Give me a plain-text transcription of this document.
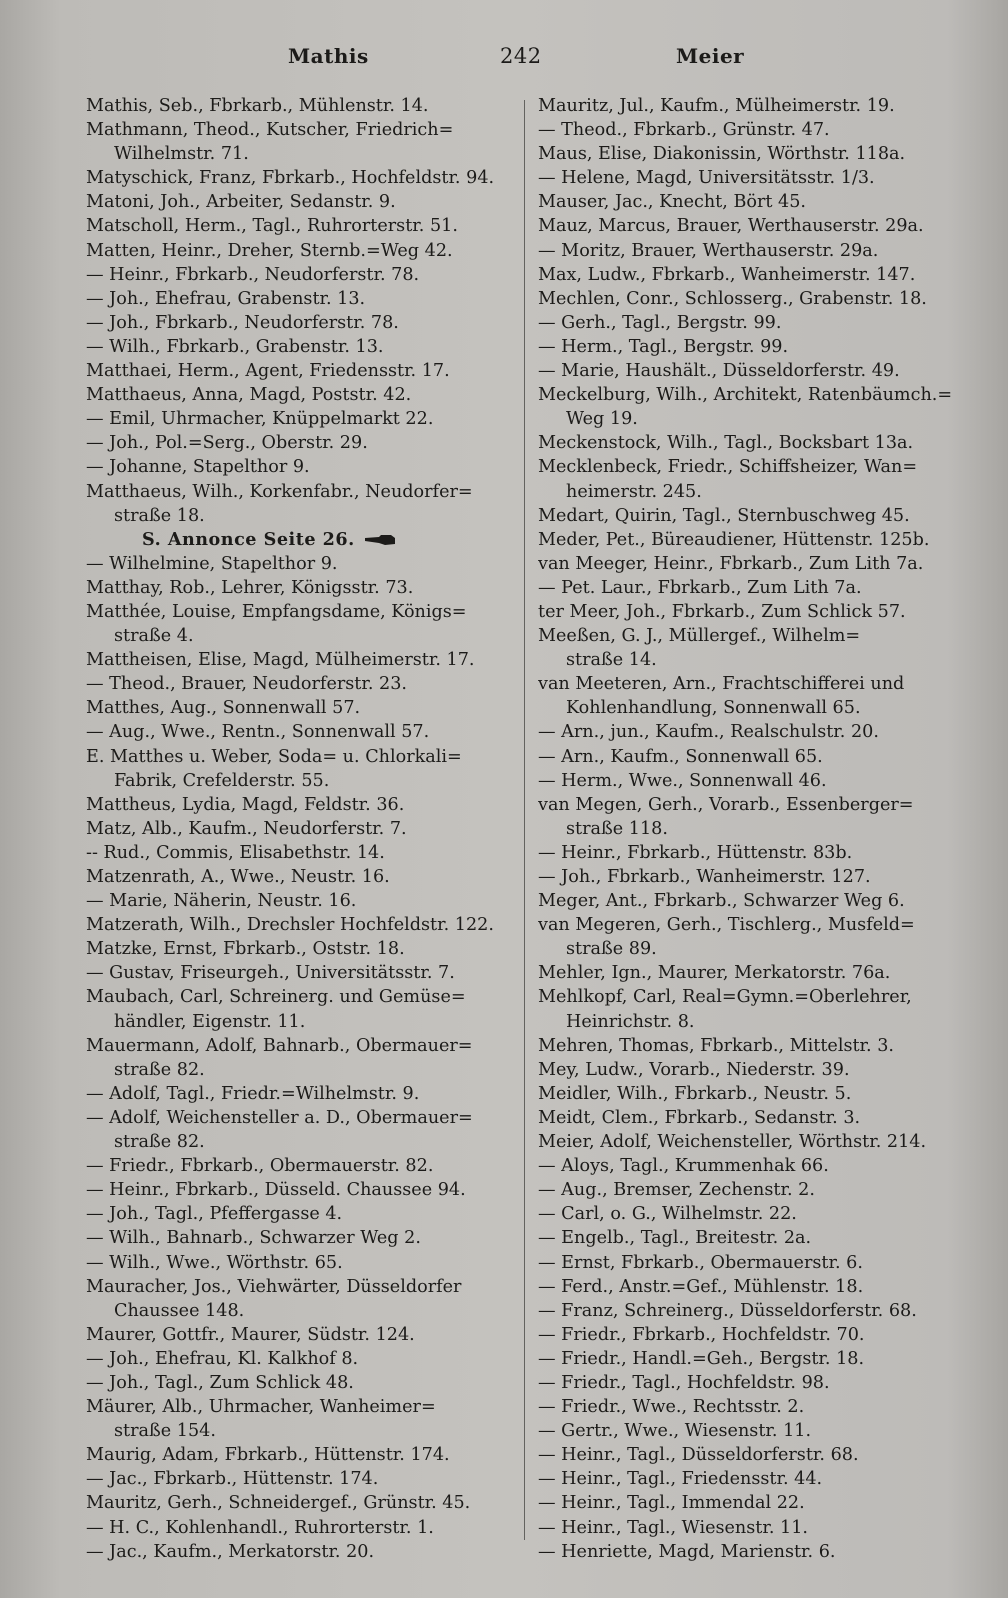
Mathis	242	Meier
Mathis, Seb., Fbrkarb., Mühlenstr. 14.
Mathmann, Theod., Kutscher, Friedrich=
Wilhelmstr. 71.
Matyschick, Franz, Fbrkarb., Hochfeldstr. 94.
Matoni, Joh., Arbeiter, Sedanstr. 9.
Matscholl, Herm., Tagl., Ruhrorterstr. 51.
Matten, Heinr., Dreher, Sternb.=Weg 42.
— Heinr., Fbrkarb., Neudorferstr. 78.
— Joh., Ehefrau, Grabenstr. 13.
— Joh., Fbrkarb., Neudorferstr. 78.
— Wilh., Fbrkarb., Grabenstr. 13.
Matthaei, Herm., Agent, Friedensstr. 17.
Matthaeus, Anna, Magd, Poststr. 42.
— Emil, Uhrmacher, Knüppelmarkt 22.
— Joh., Pol.=Serg., Oberstr. 29.
— Johanne, Stapelthor 9.
Matthaeus, Wilh., Korkenfabr., Neudorfer=
straße 18.
S. Annonce Seite 26.
— Wilhelmine, Stapelthor 9.
Matthay, Rob., Lehrer, Königsstr. 73.
Matthée, Louise, Empfangsdame, Königs=
straße 4.
Mattheisen, Elise, Magd, Mülheimerstr. 17.
— Theod., Brauer, Neudorferstr. 23.
Matthes, Aug., Sonnenwall 57.
— Aug., Wwe., Rentn., Sonnenwall 57.
E. Matthes u. Weber, Soda= u. Chlorkali=
Fabrik, Crefelderstr. 55.
Mattheus, Lydia, Magd, Feldstr. 36.
Matz, Alb., Kaufm., Neudorferstr. 7.
-- Rud., Commis, Elisabethstr. 14.
Matzenrath, A., Wwe., Neustr. 16.
— Marie, Näherin, Neustr. 16.
Matzerath, Wilh., Drechsler Hochfeldstr. 122.
Matzke, Ernst, Fbrkarb., Oststr. 18.
— Gustav, Friseurgeh., Universitätsstr. 7.
Maubach, Carl, Schreinerg. und Gemüse=
händler, Eigenstr. 11.
Mauermann, Adolf, Bahnarb., Obermauer=
straße 82.
— Adolf, Tagl., Friedr.=Wilhelmstr. 9.
— Adolf, Weichensteller a. D., Obermauer=
straße 82.
— Friedr., Fbrkarb., Obermauerstr. 82.
— Heinr., Fbrkarb., Düsseld. Chaussee 94.
— Joh., Tagl., Pfeffergasse 4.
— Wilh., Bahnarb., Schwarzer Weg 2.
— Wilh., Wwe., Wörthstr. 65.
Mauracher, Jos., Viehwärter, Düsseldorfer
Chaussee 148.
Maurer, Gottfr., Maurer, Südstr. 124.
— Joh., Ehefrau, Kl. Kalkhof 8.
— Joh., Tagl., Zum Schlick 48.
Mäurer, Alb., Uhrmacher, Wanheimer=
straße 154.
Maurig, Adam, Fbrkarb., Hüttenstr. 174.
— Jac., Fbrkarb., Hüttenstr. 174.
Mauritz, Gerh., Schneidergef., Grünstr. 45.
— H. C., Kohlenhandl., Ruhrorterstr. 1.
— Jac., Kaufm., Merkatorstr. 20.
Mauritz, Jul., Kaufm., Mülheimerstr. 19.
— Theod., Fbrkarb., Grünstr. 47.
Maus, Elise, Diakonissin, Wörthstr. 118a.
— Helene, Magd, Universitätsstr. 1/3.
Mauser, Jac., Knecht, Bört 45.
Mauz, Marcus, Brauer, Werthauserstr. 29a.
— Moritz, Brauer, Werthauserstr. 29a.
Max, Ludw., Fbrkarb., Wanheimerstr. 147.
Mechlen, Conr., Schlosserg., Grabenstr. 18.
— Gerh., Tagl., Bergstr. 99.
— Herm., Tagl., Bergstr. 99.
— Marie, Haushält., Düsseldorferstr. 49.
Meckelburg, Wilh., Architekt, Ratenbäumch.=
Weg 19.
Meckenstock, Wilh., Tagl., Bocksbart 13a.
Mecklenbeck, Friedr., Schiffsheizer, Wan=
heimerstr. 245.
Medart, Quirin, Tagl., Sternbuschweg 45.
Meder, Pet., Büreaudiener, Hüttenstr. 125b.
van Meeger, Heinr., Fbrkarb., Zum Lith 7a.
— Pet. Laur., Fbrkarb., Zum Lith 7a.
ter Meer, Joh., Fbrkarb., Zum Schlick 57.
Meeßen, G. J., Müllergef., Wilhelm=
straße 14.
van Meeteren, Arn., Frachtschifferei und
Kohlenhandlung, Sonnenwall 65.
— Arn., jun., Kaufm., Realschulstr. 20.
— Arn., Kaufm., Sonnenwall 65.
— Herm., Wwe., Sonnenwall 46.
van Megen, Gerh., Vorarb., Essenberger=
straße 118.
— Heinr., Fbrkarb., Hüttenstr. 83b.
— Joh., Fbrkarb., Wanheimerstr. 127.
Meger, Ant., Fbrkarb., Schwarzer Weg 6.
van Megeren, Gerh., Tischlerg., Musfeld=
straße 89.
Mehler, Ign., Maurer, Merkatorstr. 76a.
Mehlkopf, Carl, Real=Gymn.=Oberlehrer,
Heinrichstr. 8.
Mehren, Thomas, Fbrkarb., Mittelstr. 3.
Mey, Ludw., Vorarb., Niederstr. 39.
Meidler, Wilh., Fbrkarb., Neustr. 5.
Meidt, Clem., Fbrkarb., Sedanstr. 3.
Meier, Adolf, Weichensteller, Wörthstr. 214.
— Aloys, Tagl., Krummenhak 66.
— Aug., Bremser, Zechenstr. 2.
— Carl, o. G., Wilhelmstr. 22.
— Engelb., Tagl., Breitestr. 2a.
— Ernst, Fbrkarb., Obermauerstr. 6.
— Ferd., Anstr.=Gef., Mühlenstr. 18.
— Franz, Schreinerg., Düsseldorferstr. 68.
— Friedr., Fbrkarb., Hochfeldstr. 70.
— Friedr., Handl.=Geh., Bergstr. 18.
— Friedr., Tagl., Hochfeldstr. 98.
— Friedr., Wwe., Rechtsstr. 2.
— Gertr., Wwe., Wiesenstr. 11.
— Heinr., Tagl., Düsseldorferstr. 68.
— Heinr., Tagl., Friedensstr. 44.
— Heinr., Tagl., Immendal 22.
— Heinr., Tagl., Wiesenstr. 11.
— Henriette, Magd, Marienstr. 6.
